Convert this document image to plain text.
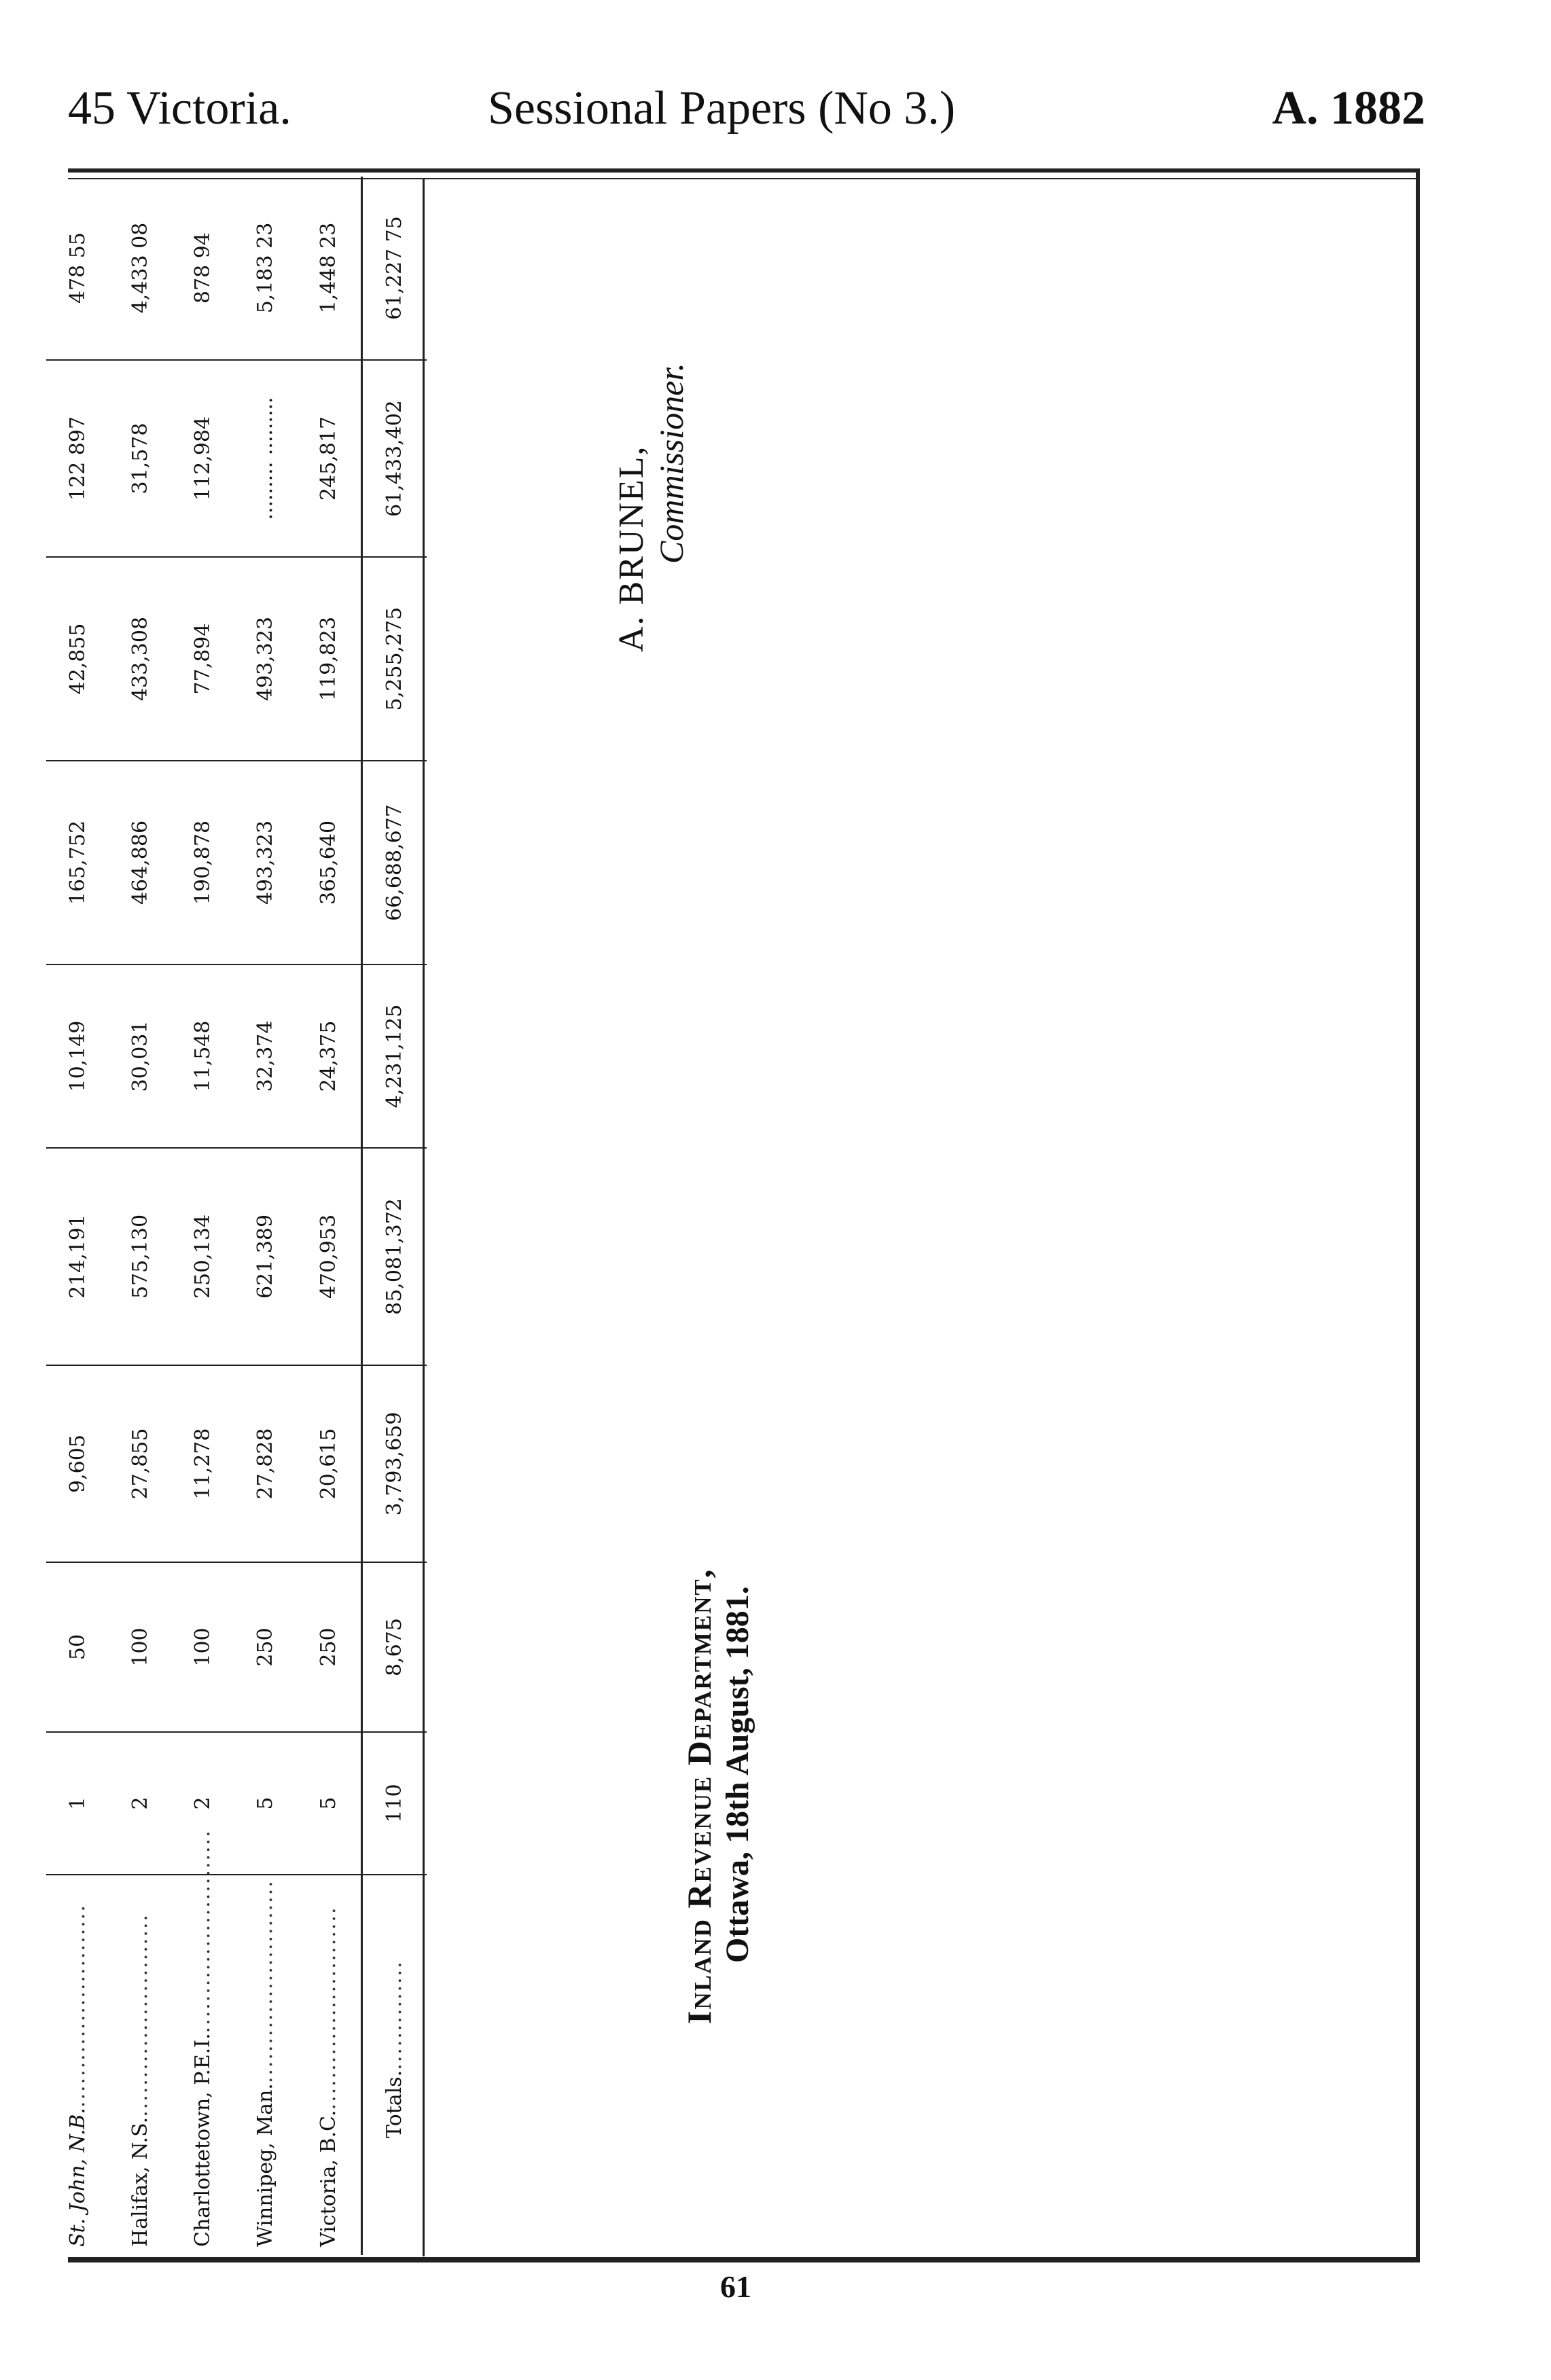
45 Victoria.	Sessional Papers (No 3.)	A. 1882
St. John, N.B...........................	1	50	9,605	214,191	10,149	165,752	42,855	122 897	478 55
Halifax, N.S...........................	2	100	27,855	575,130	30,031	464,886	433,308	31,578	4,433 08
Charlottetown, P.E.I...........................	2	100	11,278	250,134	11,548	190,878	77,894	112,984	878 94
Winnipeg, Man...........................	5	250	27,828	621,389	32,374	493,323	493,323	......... .........	5,183 23
Victoria, B.C...........................	5	250	20,615	470,953	24,375	365,640	119,823	245,817	1,448 23
Totals...............	110	8,675	3,793,659	85,081,372	4,231,125	66,688,677	5,255,275	61,433,402	61,227 75
A. BRUNEL, Commissioner.
Inland Revenue Department, Ottawa, 18th August, 1881.
61
